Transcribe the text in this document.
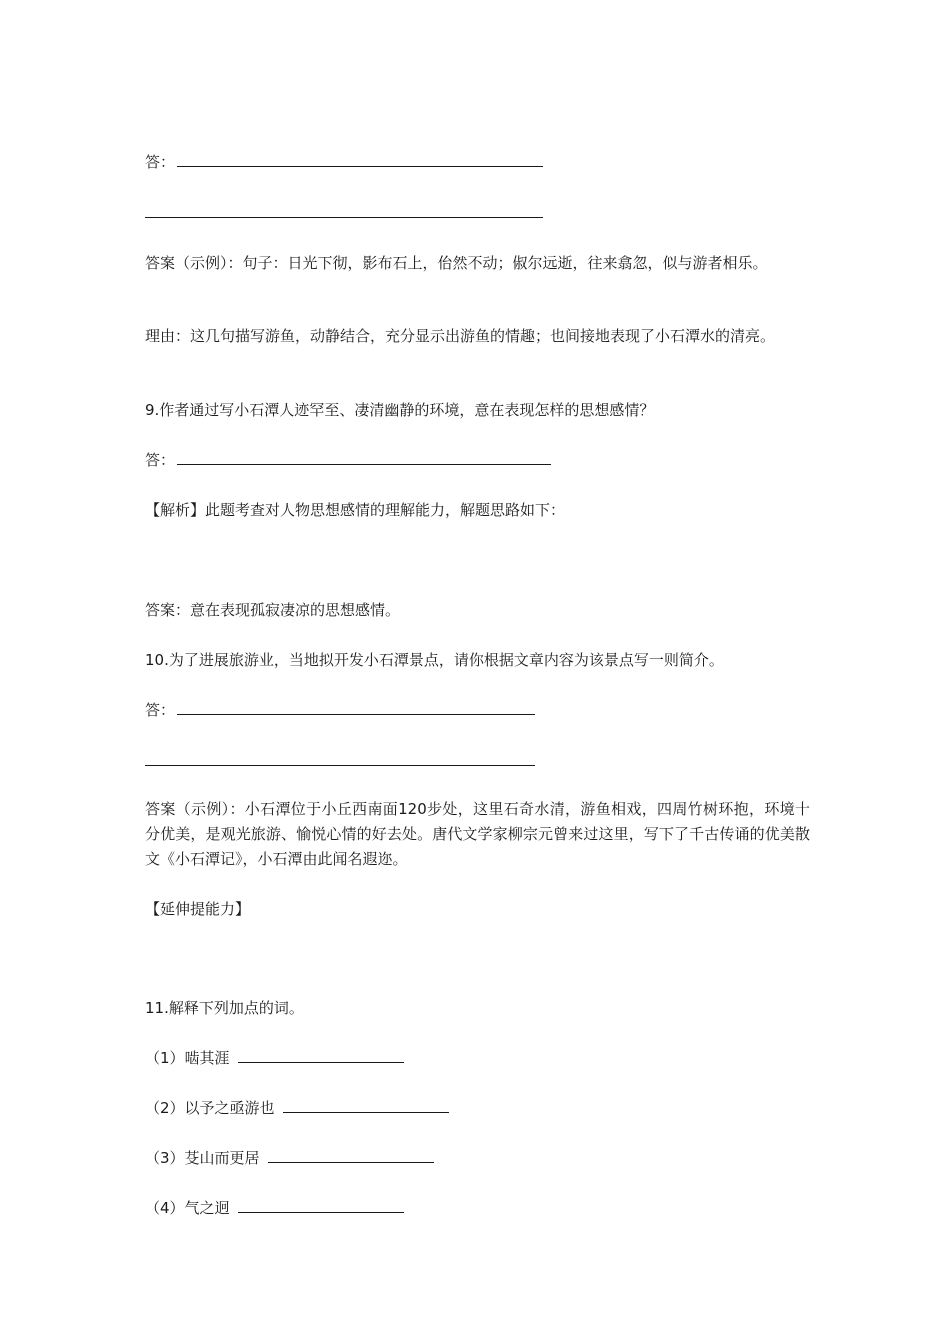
答：
答案（示例）：句子：日光下彻，影布石上，佁然不动；俶尔远逝，往来翕忽，似与游者相乐。
理由：这几句描写游鱼，动静结合，充分显示出游鱼的情趣；也间接地表现了小石潭水的清亮。
9.作者通过写小石潭人迹罕至、凄清幽静的环境，意在表现怎样的思想感情？
答：
【解析】此题考查对人物思想感情的理解能力，解题思路如下：
答案：意在表现孤寂凄凉的思想感情。
10.为了进展旅游业，当地拟开发小石潭景点，请你根据文章内容为该景点写一则简介。
答：
答案（示例）：小石潭位于小丘西南面120步处，这里石奇水清，游鱼相戏，四周竹树环抱，环境十分优美，是观光旅游、愉悦心情的好去处。唐代文学家柳宗元曾来过这里，写下了千古传诵的优美散文《小石潭记》，小石潭由此闻名遐迩。
【延伸提能力】
11.解释下列加点的词。
（1）啮其涯
（2）以予之亟游也
（3）芟山而更居
（4）气之迥
